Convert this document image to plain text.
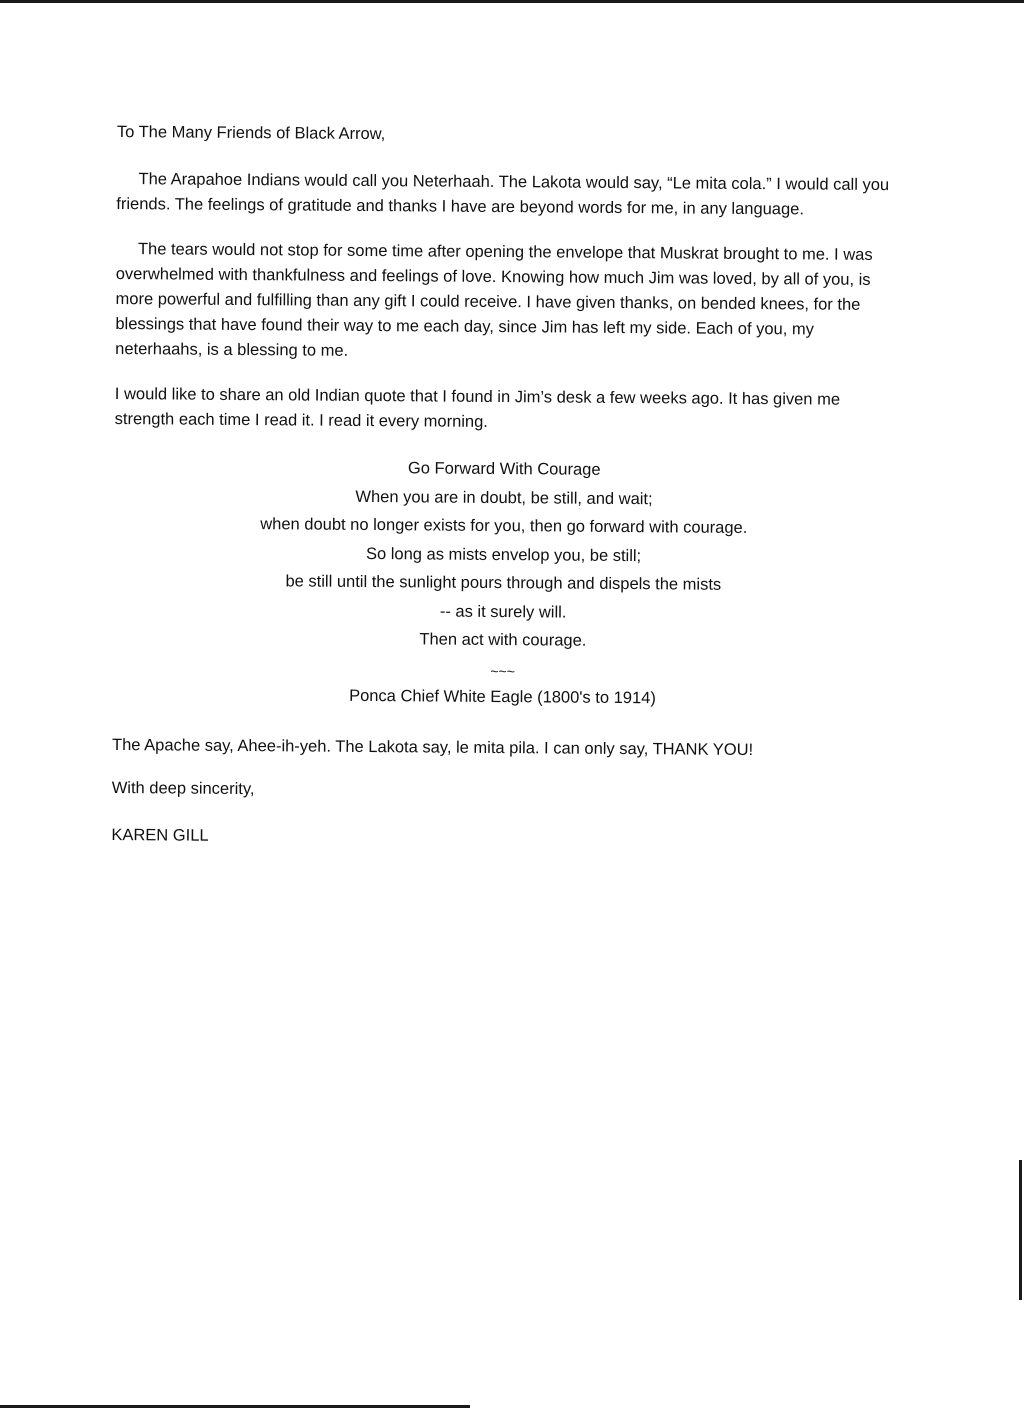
To The Many Friends of Black Arrow,

The Arapahoe Indians would call you Neterhaah. The Lakota would say, “Le mita cola.” I would call you friends. The feelings of gratitude and thanks I have are beyond words for me, in any language.

The tears would not stop for some time after opening the envelope that Muskrat brought to me. I was overwhelmed with thankfulness and feelings of love. Knowing how much Jim was loved, by all of you, is more powerful and fulfilling than any gift I could receive. I have given thanks, on bended knees, for the blessings that have found their way to me each day, since Jim has left my side. Each of you, my neterhaahs, is a blessing to me.

I would like to share an old Indian quote that I found in Jim’s desk a few weeks ago. It has given me strength each time I read it. I read it every morning.

Go Forward With Courage
When you are in doubt, be still, and wait;
when doubt no longer exists for you, then go forward with courage.
So long as mists envelop you, be still;
be still until the sunlight pours through and dispels the mists
-- as it surely will.
Then act with courage.
~~~
Ponca Chief White Eagle (1800's to 1914)

The Apache say, Ahee-ih-yeh. The Lakota say, le mita pila. I can only say, THANK YOU!

With deep sincerity,

KAREN GILL
